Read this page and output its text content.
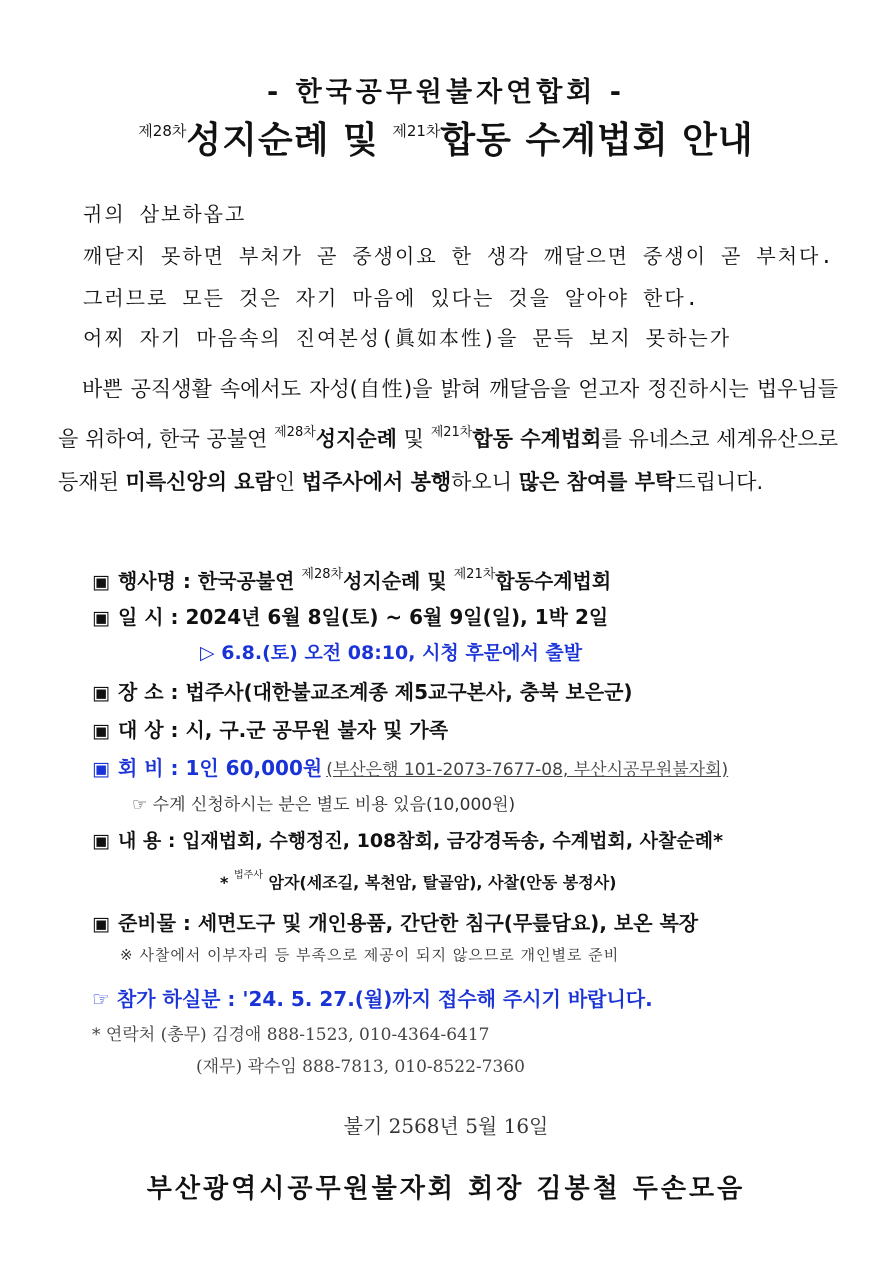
- 한국공무원불자연합회 -
$^{제28차}$성지순례 및 $^{제21차}$합동 수계법회 안내
귀의 삼보하옵고
깨닫지 못하면 부처가 곧 중생이요 한 생각 깨달으면 중생이 곧 부처다.
그러므로 모든 것은 자기 마음에 있다는 것을 알아야 한다.
어찌 자기 마음속의 진여본성(眞如本性)을 문득 보지 못하는가
바쁜 공직생활 속에서도 자성(自性)을 밝혀 깨달음을 얻고자 정진하시는 법우님들을 위하여, 한국 공불연 $^{제28차}$성지순례 및 $^{제21차}$합동 수계법회를 유네스코 세계유산으로 등재된 미륵신앙의 요람인 법주사에서 봉행하오니 많은 참여를 부탁드립니다.
▣ 행사명 : 한국공불연 $^{제28차}$성지순례 및 $^{제21차}$합동수계법회
▣ 일 시 : 2024년 6월 8일(토) ~ 6월 9일(일), 1박 2일
▷ 6.8.(토) 오전 08:10, 시청 후문에서 출발
▣ 장 소 : 법주사(대한불교조계종 제5교구본사, 충북 보은군)
▣ 대 상 : 시, 구.군 공무원 불자 및 가족
▣ 회 비 : 1인 60,000원 (부산은행 101-2073-7677-08, 부산시공무원불자회)
☞ 수계 신청하시는 분은 별도 비용 있음(10,000원)
▣ 내 용 : 입재법회, 수행정진, 108참회, 금강경독송, 수계법회, 사찰순례*
* $^{법주사}$ 암자(세조길, 복천암, 탈골암), 사찰(안동 봉정사)
▣ 준비물 : 세면도구 및 개인용품, 간단한 침구(무릎담요), 보온 복장
※ 사찰에서 이부자리 등 부족으로 제공이 되지 않으므로 개인별로 준비
☞ 참가 하실분 : '24. 5. 27.(월)까지 접수해 주시기 바랍니다.
* 연락처 (총무) 김경애 888-1523, 010-4364-6417
(재무) 곽수임 888-7813, 010-8522-7360
불기 2568년 5월 16일
부산광역시공무원불자회 회장 김봉철 두손모음
